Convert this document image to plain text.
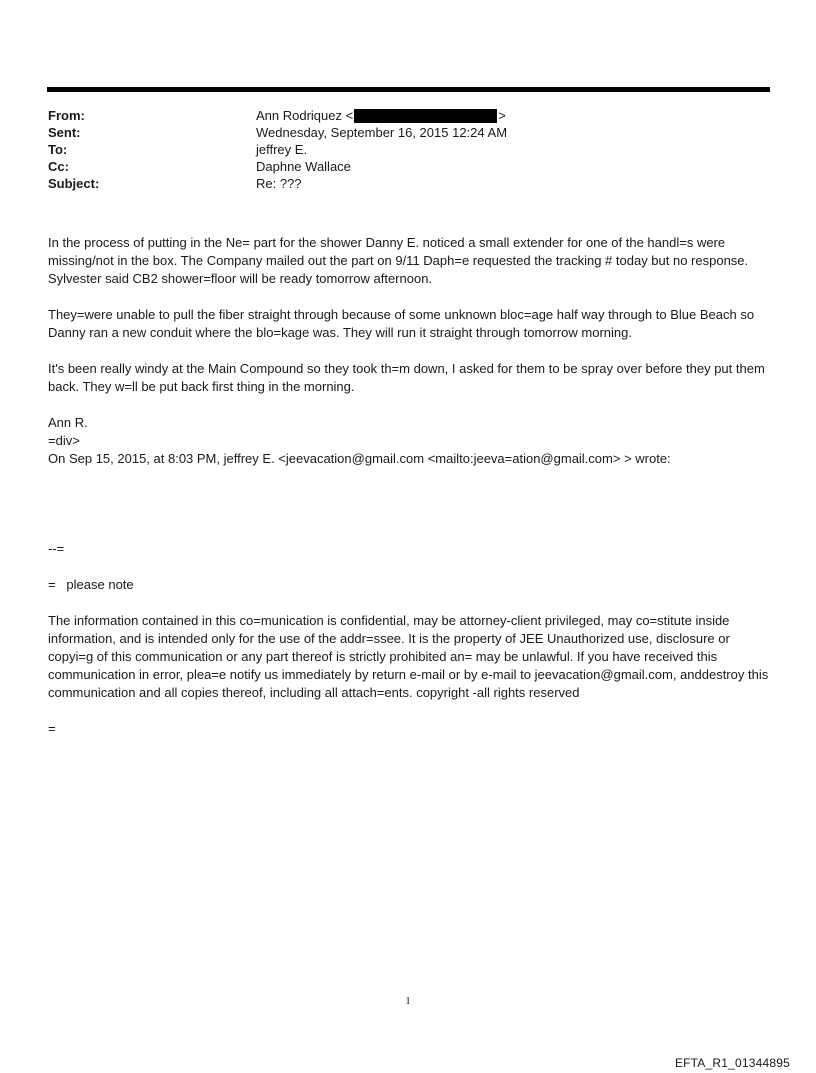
From:	Ann Rodriquez <	>
Sent:	Wednesday, September 16, 2015 12:24 AM
To:	jeffrey E.
Cc:	Daphne Wallace
Subject:	Re: ???

In the process of putting in the Ne= part for the shower Danny E. noticed a small extender for one of the handl=s were missing/not in the box. The Company mailed out the part on 9/11 Daph=e requested the tracking # today but no response. Sylvester said CB2 shower=floor will be ready tomorrow afternoon.

They=were unable to pull the fiber straight through because of some unknown bloc=age half way through to Blue Beach so Danny ran a new conduit where the blo=kage was. They will run it straight through tomorrow morning.

It's been really windy at the Main Compound so they took th=m down, I asked for them to be spray over before they put them back. They w=ll be put back first thing in the morning.

Ann R.

=div>

On Sep 15, 2015, at 8:03 PM, jeffrey E. <jeevacation@gmail.com <mailto:jeeva=ation@gmail.com> > wrote:

--=

=   please note

The information contained in this co=munication is confidential, may be attorney-client privileged, may co=stitute inside information, and is intended only for the use of the addr=ssee. It is the property of JEE Unauthorized use, disclosure or copyi=g of this communication or any part thereof is strictly prohibited an= may be unlawful. If you have received this communication in error, plea=e notify us immediately by return e-mail or by e-mail to jeevacation@gmail.com, anddestroy this communication and all copies thereof, including all attach=ents. copyright -all rights reserved

=

1
EFTA_R1_01344895
